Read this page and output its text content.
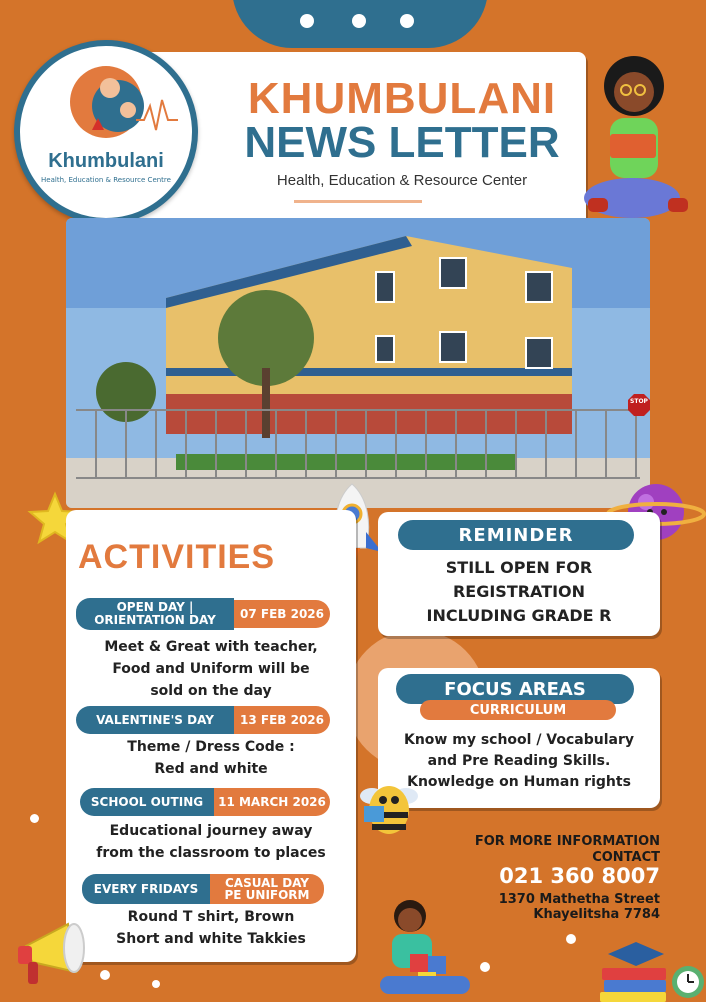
KHUMBULANI
NEWS LETTER
Health, Education & Resource Center
Khumbulani
Health, Education & Resource Centre
STOP
ACTIVITIES
OPEN DAY |
ORIENTATION DAY	07 FEB 2026
Meet & Great with teacher,
Food and Uniform will be
sold on the day
VALENTINE'S DAY	13 FEB 2026
Theme / Dress Code :
Red and white
SCHOOL OUTING	11 MARCH 2026
Educational journey away
from the classroom to places
EVERY FRIDAYS	CASUAL DAY
PE UNIFORM
Round T shirt, Brown
Short and white Takkies
REMINDER
STILL OPEN FOR
REGISTRATION
INCLUDING GRADE R
FOCUS AREAS
CURRICULUM
Know my school / Vocabulary
and Pre Reading Skills.
Knowledge on Human rights
FOR MORE INFORMATION
CONTACT
021 360 8007
1370 Mathetha Street
Khayelitsha 7784
